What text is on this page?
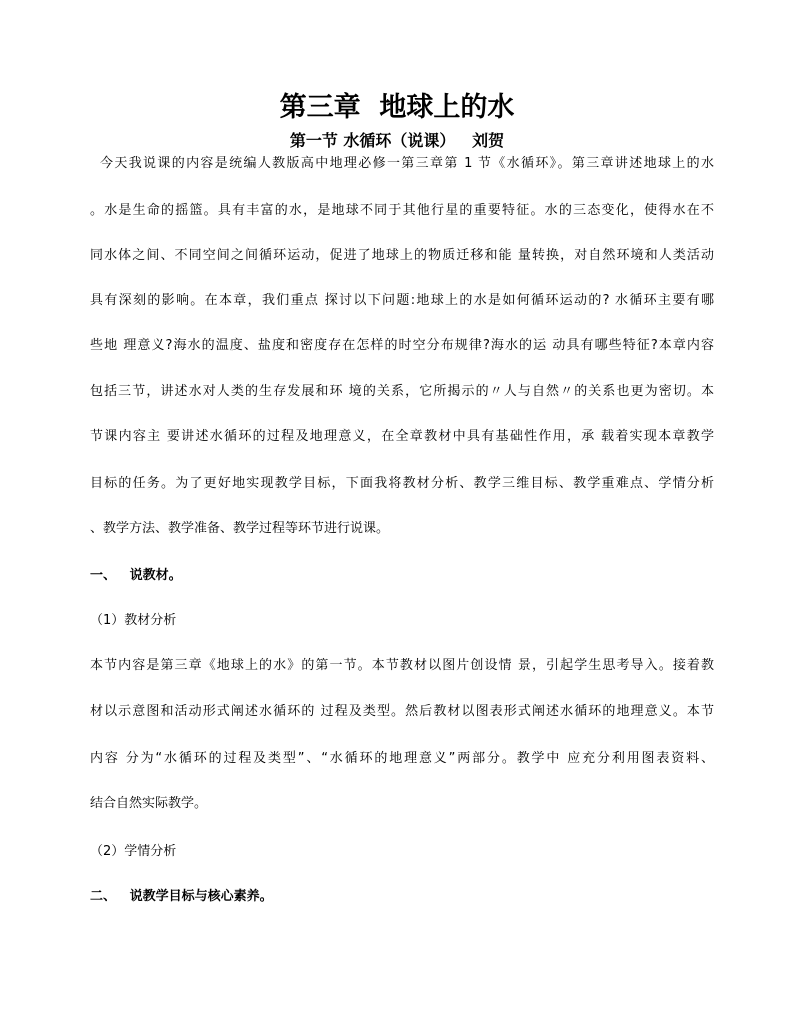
第三章  地球上的水
第一节 水循环（说课）   刘贺
今天我说课的内容是统编人教版高中地理必修一第三章第 1 节《水循环》。第三章讲述地球上的水
。水是生命的摇篮。具有丰富的水，是地球不同于其他行星的重要特征。水的三态变化，使得水在不
同水体之间、不同空间之间循环运动，促进了地球上的物质迁移和能 量转换，对自然环境和人类活动
具有深刻的影响。在本章，我们重点 探讨以下问题:地球上的水是如何循环运动的? 水循环主要有哪
些地 理意义?海水的温度、盐度和密度存在怎样的时空分布规律?海水的运 动具有哪些特征?本章内容
包括三节，讲述水对人类的生存发展和环 境的关系，它所揭示的〃人与自然〃的关系也更为密切。本
节课内容主 要讲述水循环的过程及地理意义，在全章教材中具有基础性作用，承 载着实现本章教学
目标的任务。为了更好地实现教学目标，下面我将教材分析、教学三维目标、教学重难点、学情分析
、教学方法、教学准备、教学过程等环节进行说课。
一、   说教材。
（1）教材分析
本节内容是第三章《地球上的水》的第一节。本节教材以图片创设情 景，引起学生思考导入。接着教
材以示意图和活动形式阐述水循环的 过程及类型。然后教材以图表形式阐述水循环的地理意义。本节
内容 分为“水循环的过程及类型”、“水循环的地理意义”两部分。教学中 应充分利用图表资料、
结合自然实际教学。
（2）学情分析
二、   说教学目标与核心素养。
